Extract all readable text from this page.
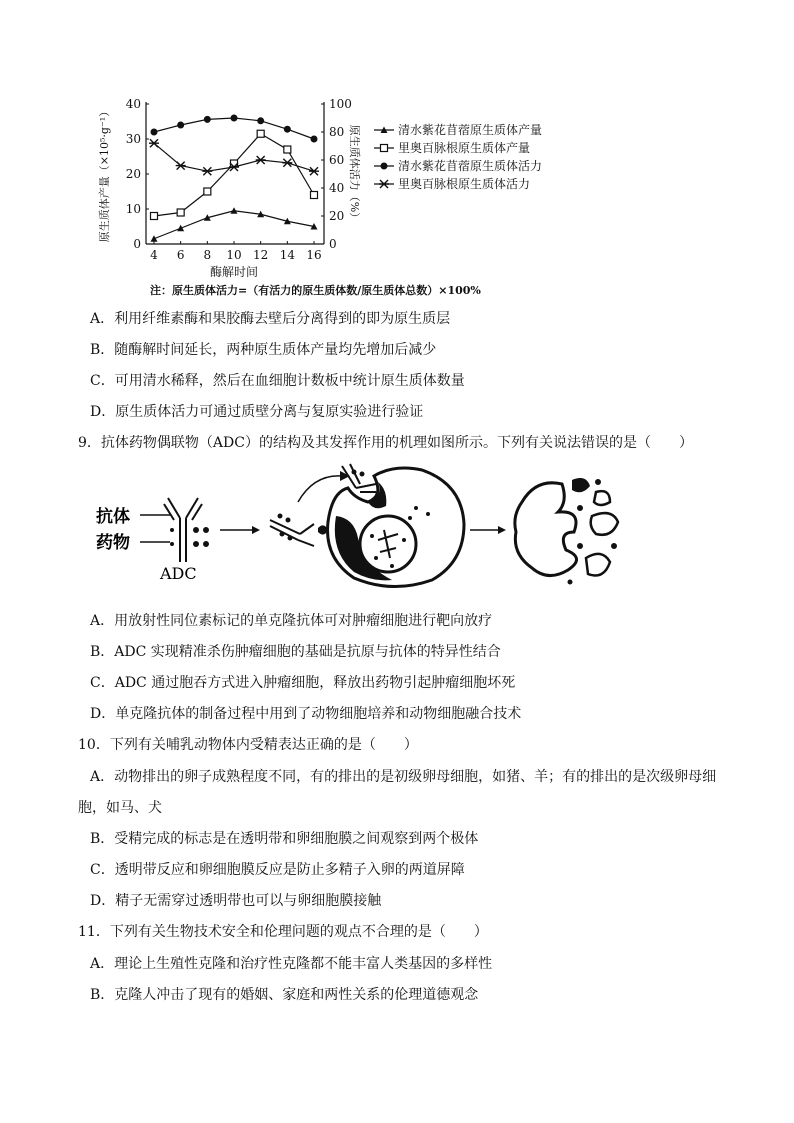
4 6 8 10 12 14 16
0
10
20
30
40
0
20
40
60
80
100
清水紫花苜蓿原生质体产量
里奥百脉根原生质体产量
清水紫花苜蓿原生质体活力
里奥百脉根原生质体活力
酶解时间
原生质体产量（×10⁵·g⁻¹）	原生质体活力（%）
注：原生质体活力=（有活力的原生质体数/原生质体总数）×100%
A．利用纤维素酶和果胶酶去壁后分离得到的即为原生质层
B．随酶解时间延长，两种原生质体产量均先增加后减少
C．可用清水稀释，然后在血细胞计数板中统计原生质体数量
D．原生质体活力可通过质壁分离与复原实验进行验证
9．抗体药物偶联物（ADC）的结构及其发挥作用的机理如图所示。下列有关说法错误的是（　　）
抗体
药物
ADC
A．用放射性同位素标记的单克隆抗体可对肿瘤细胞进行靶向放疗
B．ADC 实现精准杀伤肿瘤细胞的基础是抗原与抗体的特异性结合
C．ADC 通过胞吞方式进入肿瘤细胞，释放出药物引起肿瘤细胞坏死
D．单克隆抗体的制备过程中用到了动物细胞培养和动物细胞融合技术
10．下列有关哺乳动物体内受精表达正确的是（　　）
A．动物排出的卵子成熟程度不同，有的排出的是初级卵母细胞，如猪、羊；有的排出的是次级卵母细
胞，如马、犬
B．受精完成的标志是在透明带和卵细胞膜之间观察到两个极体
C．透明带反应和卵细胞膜反应是防止多精子入卵的两道屏障
D．精子无需穿过透明带也可以与卵细胞膜接触
11．下列有关生物技术安全和伦理问题的观点不合理的是（　　）
A．理论上生殖性克隆和治疗性克隆都不能丰富人类基因的多样性
B．克隆人冲击了现有的婚姻、家庭和两性关系的伦理道德观念
